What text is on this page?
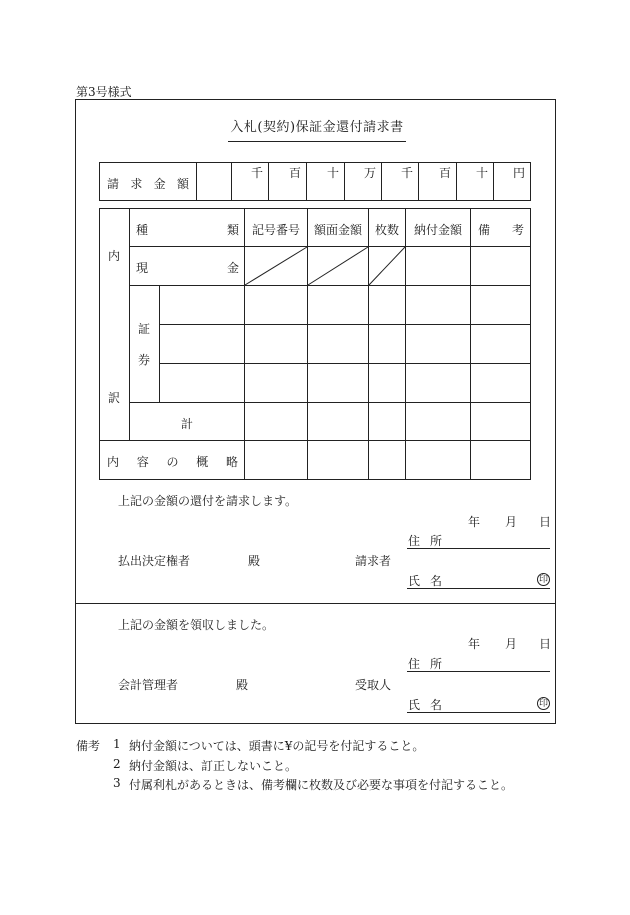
第3号様式
入札(契約)保証金還付請求書
請 求 金 額
千	百	十	万	千	百	十	円
内
訳
種	類	記号番号	額面金額	枚数	納付金額	備 考
現	金
証
券
計
内 容 の 概 略
上記の金額の還付を請求します。
年 月 日
住 所
払出決定権者	殿	請求者
氏 名	印
上記の金額を領収しました。
年 月 日
住 所
会計管理者	殿	受取人
氏 名	印
備考 1 納付金額については、頭書に¥の記号を付記すること。
2 納付金額は、訂正しないこと。
3 付属利札があるときは、備考欄に枚数及び必要な事項を付記すること。
